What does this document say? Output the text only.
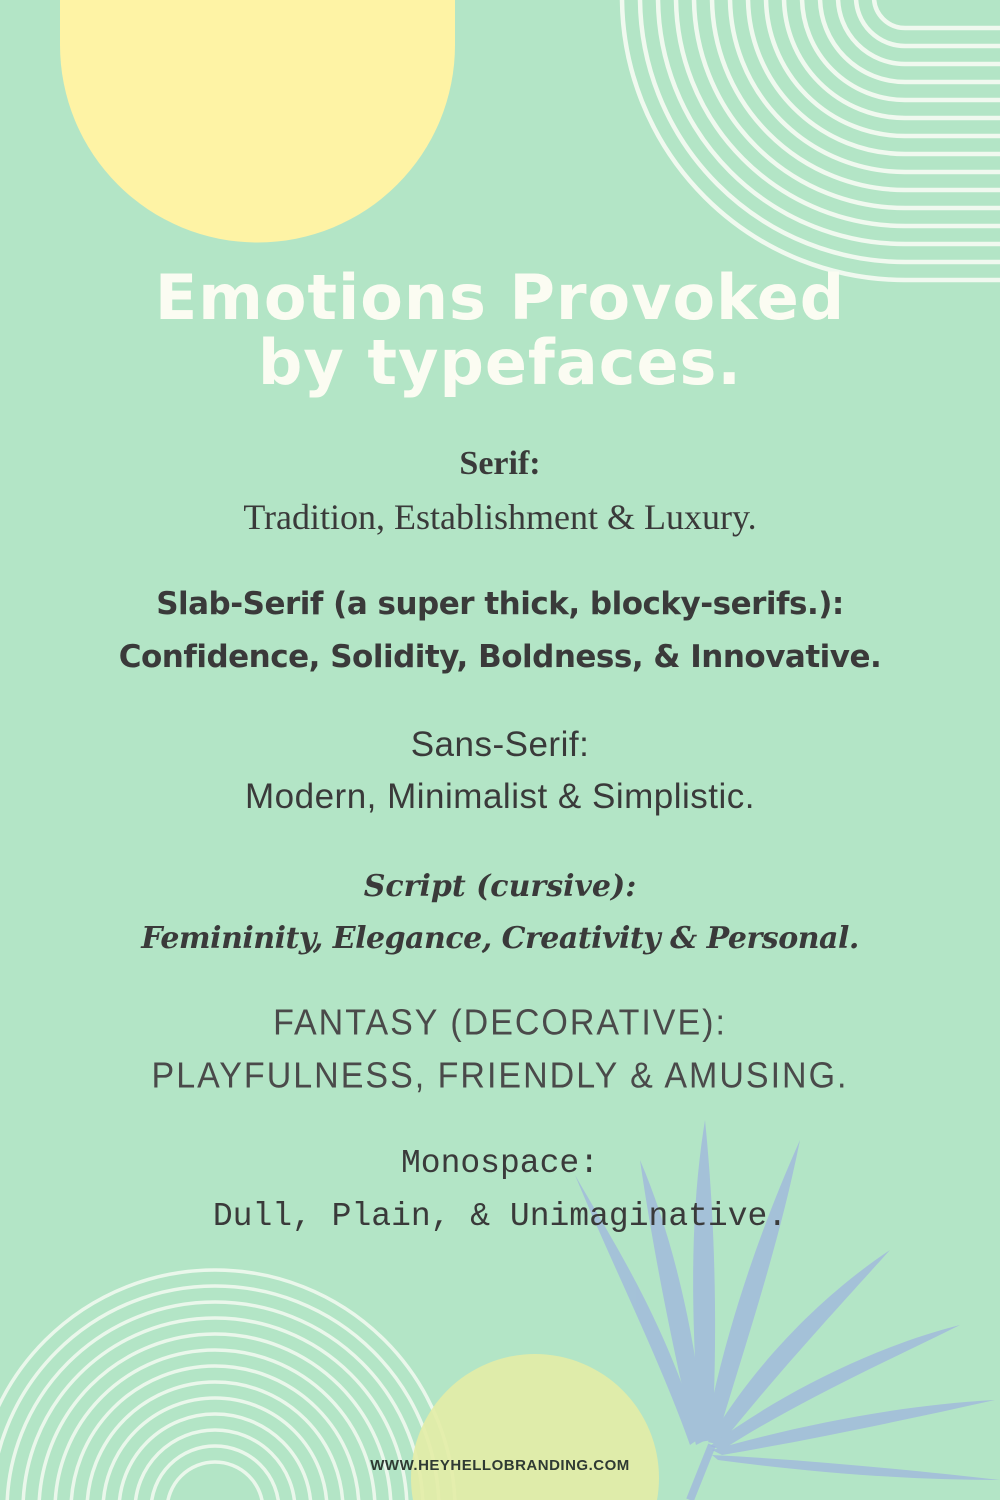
Emotions Provoked
by typefaces.
Serif:
Tradition, Establishment & Luxury.
Slab-Serif (a super thick, blocky-serifs.):
Confidence, Solidity, Boldness, & Innovative.
Sans-Serif:
Modern, Minimalist & Simplistic.
Script (cursive):
Femininity, Elegance, Creativity & Personal.
FANTASY (DECORATIVE):
PLAYFULNESS, FRIENDLY & AMUSING.
Monospace:
Dull, Plain, & Unimaginative.
WWW.HEYHELLOBRANDING.COM
